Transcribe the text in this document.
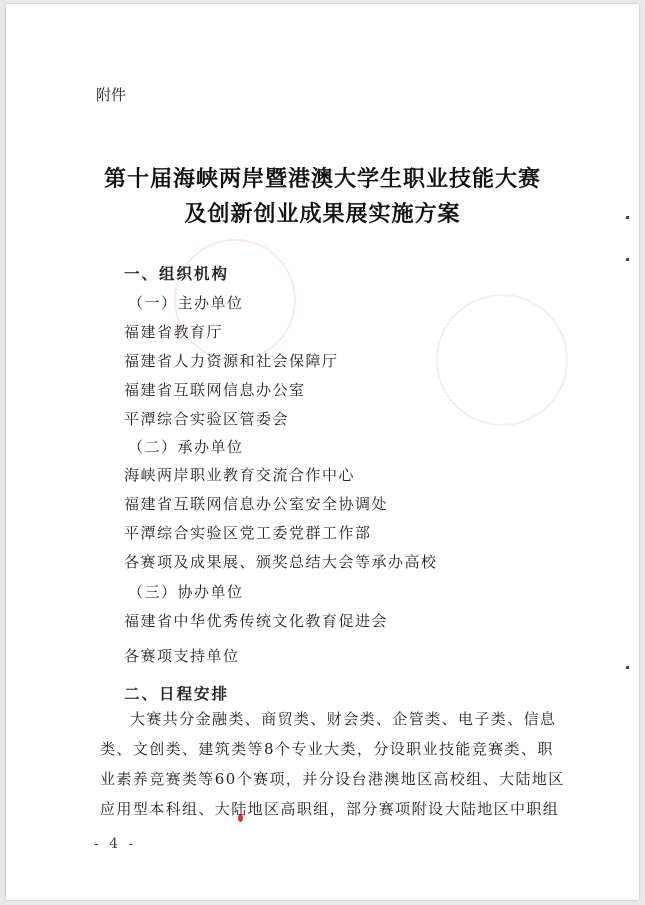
附件
第十届海峡两岸暨港澳大学生职业技能大赛
及创新创业成果展实施方案
一、组织机构
（一）主办单位
福建省教育厅
福建省人力资源和社会保障厅
福建省互联网信息办公室
平潭综合实验区管委会
（二）承办单位
海峡两岸职业教育交流合作中心
福建省互联网信息办公室安全协调处
平潭综合实验区党工委党群工作部
各赛项及成果展、颁奖总结大会等承办高校
（三）协办单位
福建省中华优秀传统文化教育促进会
各赛项支持单位
二、日程安排
大赛共分金融类、商贸类、财会类、企管类、电子类、信息类、文创类、建筑类等8个专业大类，分设职业技能竞赛类、职业素养竞赛类等60个赛项，并分设台港澳地区高校组、大陆地区应用型本科组、大陆地区高职组，部分赛项附设大陆地区中职组
- 4 -
